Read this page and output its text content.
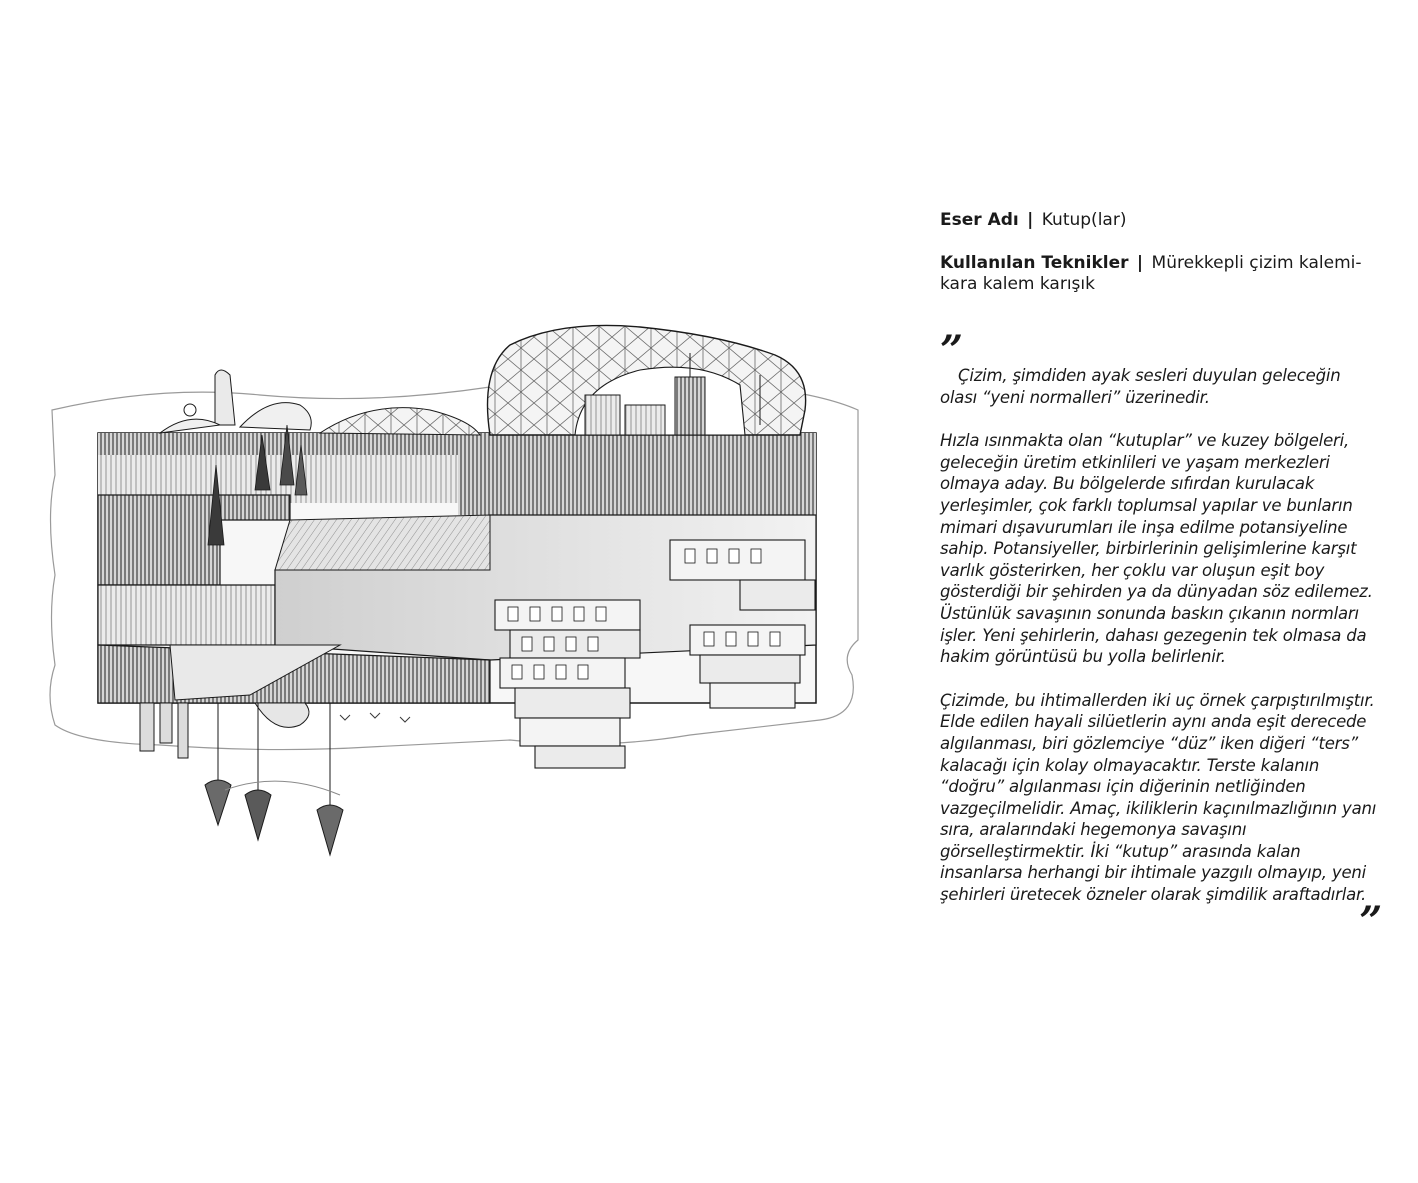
Eser Adı | Kutup(lar)
Kullanılan Teknikler | Mürekkepli çizim kalemi-kara kalem karışık
”

Çizim, şimdiden ayak sesleri duyulan geleceğin olası “yeni normalleri” üzerinedir.

Hızla ısınmakta olan “kutuplar” ve kuzey bölgeleri, geleceğin üretim etkinlileri ve yaşam merkezleri olmaya aday. Bu bölgelerde sıfırdan kurulacak yerleşimler, çok farklı toplumsal yapılar ve bunların mimari dışavurumları ile inşa edilme potansiyeline sahip. Potansiyeller, birbirlerinin gelişimlerine karşıt varlık gösterirken, her çoklu var oluşun eşit boy gösterdiği bir şehirden ya da dünyadan söz edilemez. Üstünlük savaşının sonunda baskın çıkanın normları işler. Yeni şehirlerin, dahası gezegenin tek olmasa da hakim görüntüsü bu yolla belirlenir.

Çizimde, bu ihtimallerden iki uç örnek çarpıştırılmıştır. Elde edilen hayali silüetlerin aynı anda eşit derecede algılanması, biri gözlemciye “düz” iken diğeri “ters” kalacağı için kolay olmayacaktır. Terste kalanın “doğru” algılanması için diğerinin netliğinden vazgeçilmelidir. Amaç, ikiliklerin kaçınılmazlığının yanı sıra, aralarındaki hegemonya savaşını görselleştirmektir. İki “kutup” arasında kalan insanlarsa herhangi bir ihtimale yazgılı olmayıp, yeni şehirleri üretecek özneler olarak şimdilik araftadırlar.

”
